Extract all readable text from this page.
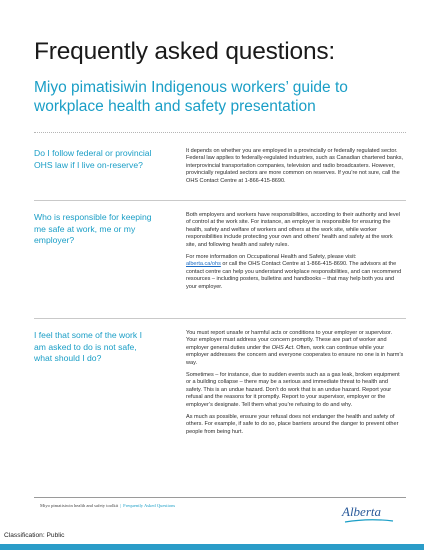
Frequently asked questions:
Miyo pimatisiwin Indigenous workers’ guide to workplace health and safety presentation
Do I follow federal or provincial OHS law if I live on-reserve?

It depends on whether you are employed in a provincially or federally regulated sector. Federal law applies to federally-regulated industries, such as Canadian chartered banks, interprovincial transportation companies, television and radio broadcasters. However, provincially regulated sectors are more common on reserves. If you’re not sure, call the OHS Contact Centre at 1-866-415-8690.

Who is responsible for keeping me safe at work, me or my employer?

Both employers and workers have responsibilities, according to their authority and level of control at the work site. For instance, an employer is responsible for ensuring the health, safety and welfare of workers and others at the work site, while worker responsibilities include protecting your own and others’ health and safety at the work site, and following health and safety rules.

For more information on Occupational Health and Safety, please visit:
alberta.ca/ohs or call the OHS Contact Centre at 1-866-415-8690. The advisors at the contact centre can help you understand workplace responsibilities, and can recommend resources – including posters, bulletins and handbooks – that may help both you and your employer.

I feel that some of the work I am asked to do is not safe, what should I do?

You must report unsafe or harmful acts or conditions to your employer or supervisor. Your employer must address your concern promptly. These are part of worker and employer general duties under the OHS Act. Often, work can continue while your employer addresses the concern and everyone cooperates to ensure no one is in harm’s way.

Sometimes – for instance, due to sudden events such as a gas leak, broken equipment or a building collapse – there may be a serious and immediate threat to health and safety. This is an undue hazard. Don’t do work that is an undue hazard. Report your refusal and the reasons for it promptly. Report to your supervisor, employer or the employer’s designate. Tell them what you’re refusing to do and why.

As much as possible, ensure your refusal does not endanger the health and safety of others. For example, if safe to do so, place barriers around the danger to prevent other people from being hurt.

Miyo pimatisiwin health and safety toolkit | Frequently Asked Questions	Alberta
Classification: Public
